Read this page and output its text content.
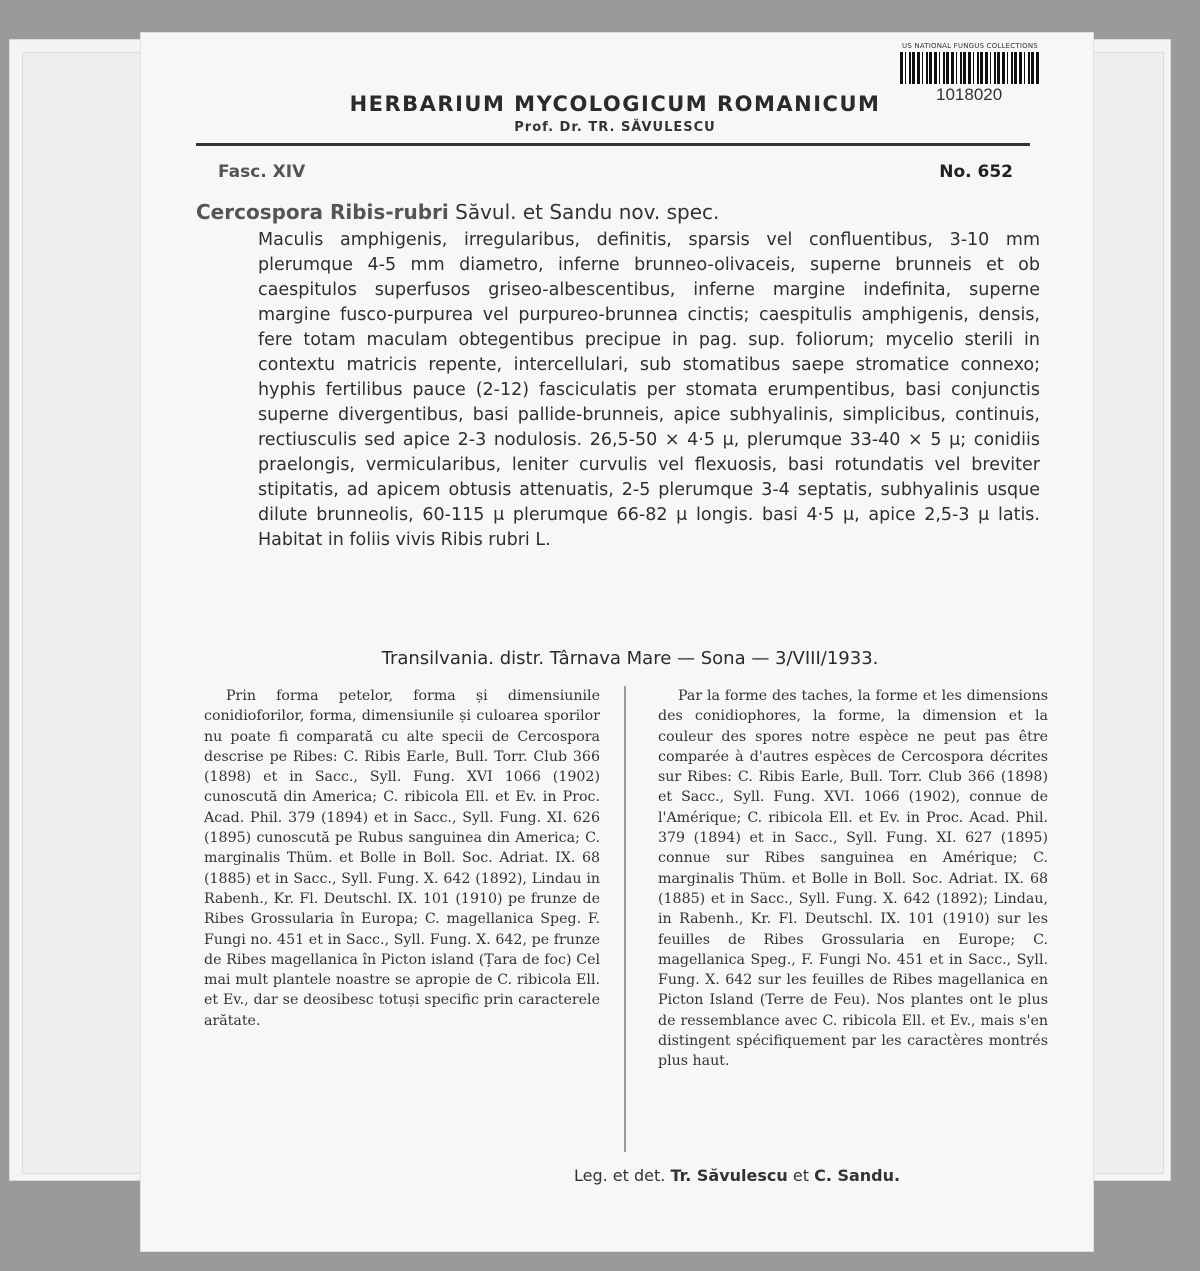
US NATIONAL FUNGUS COLLECTIONS
1018020
HERBARIUM MYCOLOGICUM ROMANICUM
Prof. Dr. TR. SĂVULESCU
Fasc. XIV	No. 652
Cercospora Ribis-rubri Săvul. et Sandu nov. spec.
Maculis amphigenis, irregularibus, definitis, sparsis vel confluentibus, 3-10 mm plerumque 4-5 mm diametro, inferne brunneo-olivaceis, superne brunneis et ob caespitulos superfusos griseo-albescentibus, inferne margine indefinita, superne margine fusco-purpurea vel purpureo-brunnea cinctis; caespitulis amphigenis, densis, fere totam maculam obtegentibus precipue in pag. sup. foliorum; mycelio sterili in contextu matricis repente, intercellulari, sub stomatibus saepe stromatice connexo; hyphis fertilibus pauce (2-12) fasciculatis per stomata erumpentibus, basi conjunctis superne divergentibus, basi pallide-brunneis, apice subhyalinis, simplicibus, continuis, rectiusculis sed apice 2-3 nodulosis. 26,5-50 × 4·5 μ, plerumque 33-40 × 5 μ; conidiis praelongis, vermicularibus, leniter curvulis vel flexuosis, basi rotundatis vel breviter stipitatis, ad apicem obtusis attenuatis, 2-5 plerumque 3-4 septatis, subhyalinis usque dilute brunneolis, 60-115 μ plerumque 66-82 μ longis. basi 4·5 μ, apice 2,5-3 μ latis. Habitat in foliis vivis Ribis rubri L.
Transilvania. distr. Târnava Mare — Sona — 3/VIII/1933.
Prin forma petelor, forma și dimensiunile conidioforilor, forma, dimensiunile și culoarea sporilor nu poate fi comparată cu alte specii de Cercospora descrise pe Ribes: C. Ribis Earle, Bull. Torr. Club 366 (1898) et in Sacc., Syll. Fung. XVI 1066 (1902) cunoscută din America; C. ribicola Ell. et Ev. in Proc. Acad. Phil. 379 (1894) et in Sacc., Syll. Fung. XI. 626 (1895) cunoscută pe Rubus sanguinea din America; C. marginalis Thüm. et Bolle in Boll. Soc. Adriat. IX. 68 (1885) et in Sacc., Syll. Fung. X. 642 (1892), Lindau in Rabenh., Kr. Fl. Deutschl. IX. 101 (1910) pe frunze de Ribes Grossularia în Europa; C. magellanica Speg. F. Fungi no. 451 et in Sacc., Syll. Fung. X. 642, pe frunze de Ribes magellanica în Picton island (Țara de foc) Cel mai mult plantele noastre se apropie de C. ribicola Ell. et Ev., dar se deosibesc totuși specific prin caracterele arătate.
Par la forme des taches, la forme et les dimensions des conidiophores, la forme, la dimension et la couleur des spores notre espèce ne peut pas être comparée à d'autres espèces de Cercospora décrites sur Ribes: C. Ribis Earle, Bull. Torr. Club 366 (1898) et Sacc., Syll. Fung. XVI. 1066 (1902), connue de l'Amérique; C. ribicola Ell. et Ev. in Proc. Acad. Phil. 379 (1894) et in Sacc., Syll. Fung. XI. 627 (1895) connue sur Ribes sanguinea en Amérique; C. marginalis Thüm. et Bolle in Boll. Soc. Adriat. IX. 68 (1885) et in Sacc., Syll. Fung. X. 642 (1892); Lindau, in Rabenh., Kr. Fl. Deutschl. IX. 101 (1910) sur les feuilles de Ribes Grossularia en Europe; C. magellanica Speg., F. Fungi No. 451 et in Sacc., Syll. Fung. X. 642 sur les feuilles de Ribes magellanica en Picton Island (Terre de Feu). Nos plantes ont le plus de ressemblance avec C. ribicola Ell. et Ev., mais s'en distingent spécifiquement par les caractères montrés plus haut.
Leg. et det. Tr. Săvulescu et C. Sandu.
